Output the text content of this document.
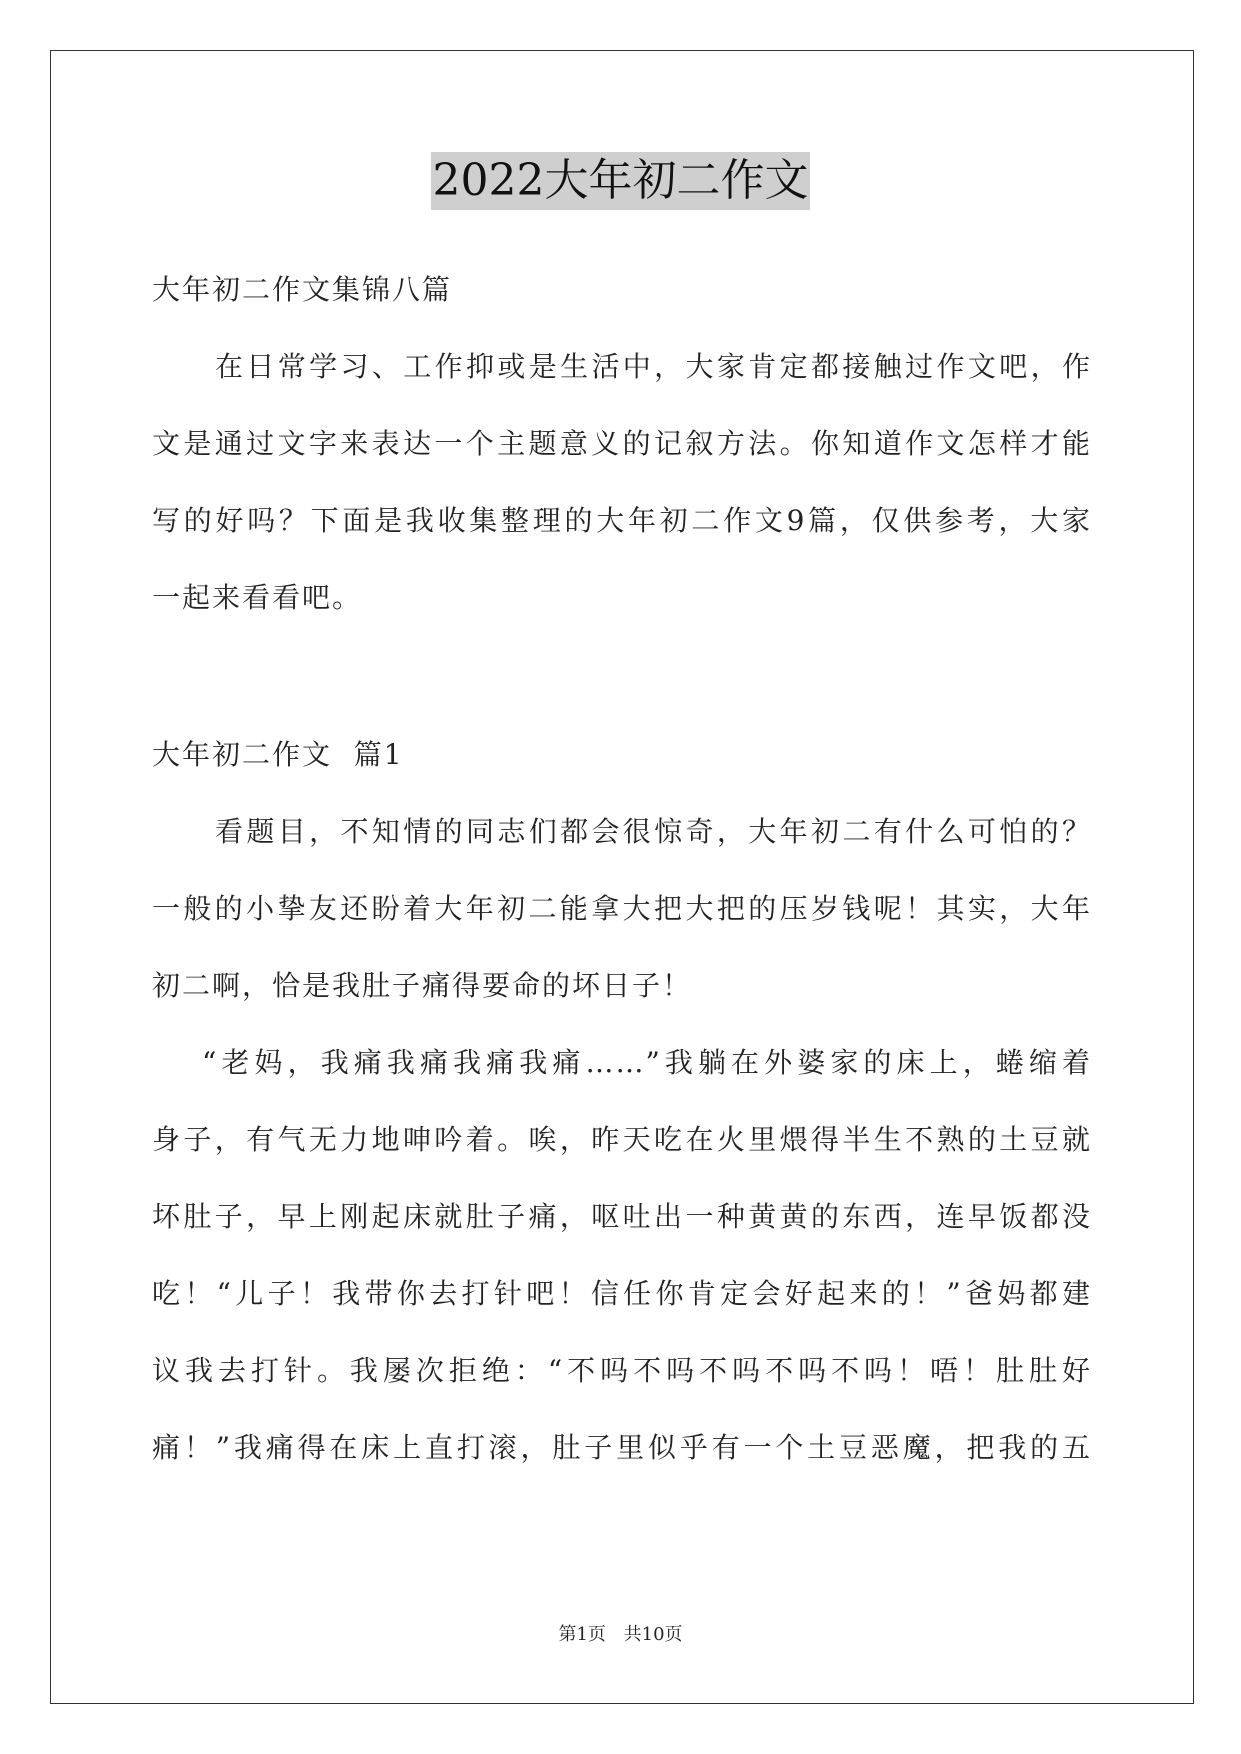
2022大年初二作文
大年初二作文集锦八篇
在日常学习、工作抑或是生活中，大家肯定都接触过作文吧，作
文是通过文字来表达一个主题意义的记叙方法。你知道作文怎样才能
写的好吗？下面是我收集整理的大年初二作文9篇，仅供参考，大家
一起来看看吧。
大年初二作文  篇1
看题目，不知情的同志们都会很惊奇，大年初二有什么可怕的？
一般的小挚友还盼着大年初二能拿大把大把的压岁钱呢！其实，大年
初二啊，恰是我肚子痛得要命的坏日子！
“老妈，我痛我痛我痛我痛……”我躺在外婆家的床上，蜷缩着
身子，有气无力地呻吟着。唉，昨天吃在火里煨得半生不熟的土豆就
坏肚子，早上刚起床就肚子痛，呕吐出一种黄黄的东西，连早饭都没
吃！“儿子！我带你去打针吧！信任你肯定会好起来的！”爸妈都建
议我去打针。我屡次拒绝：“不吗不吗不吗不吗不吗！唔！肚肚好
痛！”我痛得在床上直打滚，肚子里似乎有一个土豆恶魔，把我的五
第1页 共10页
